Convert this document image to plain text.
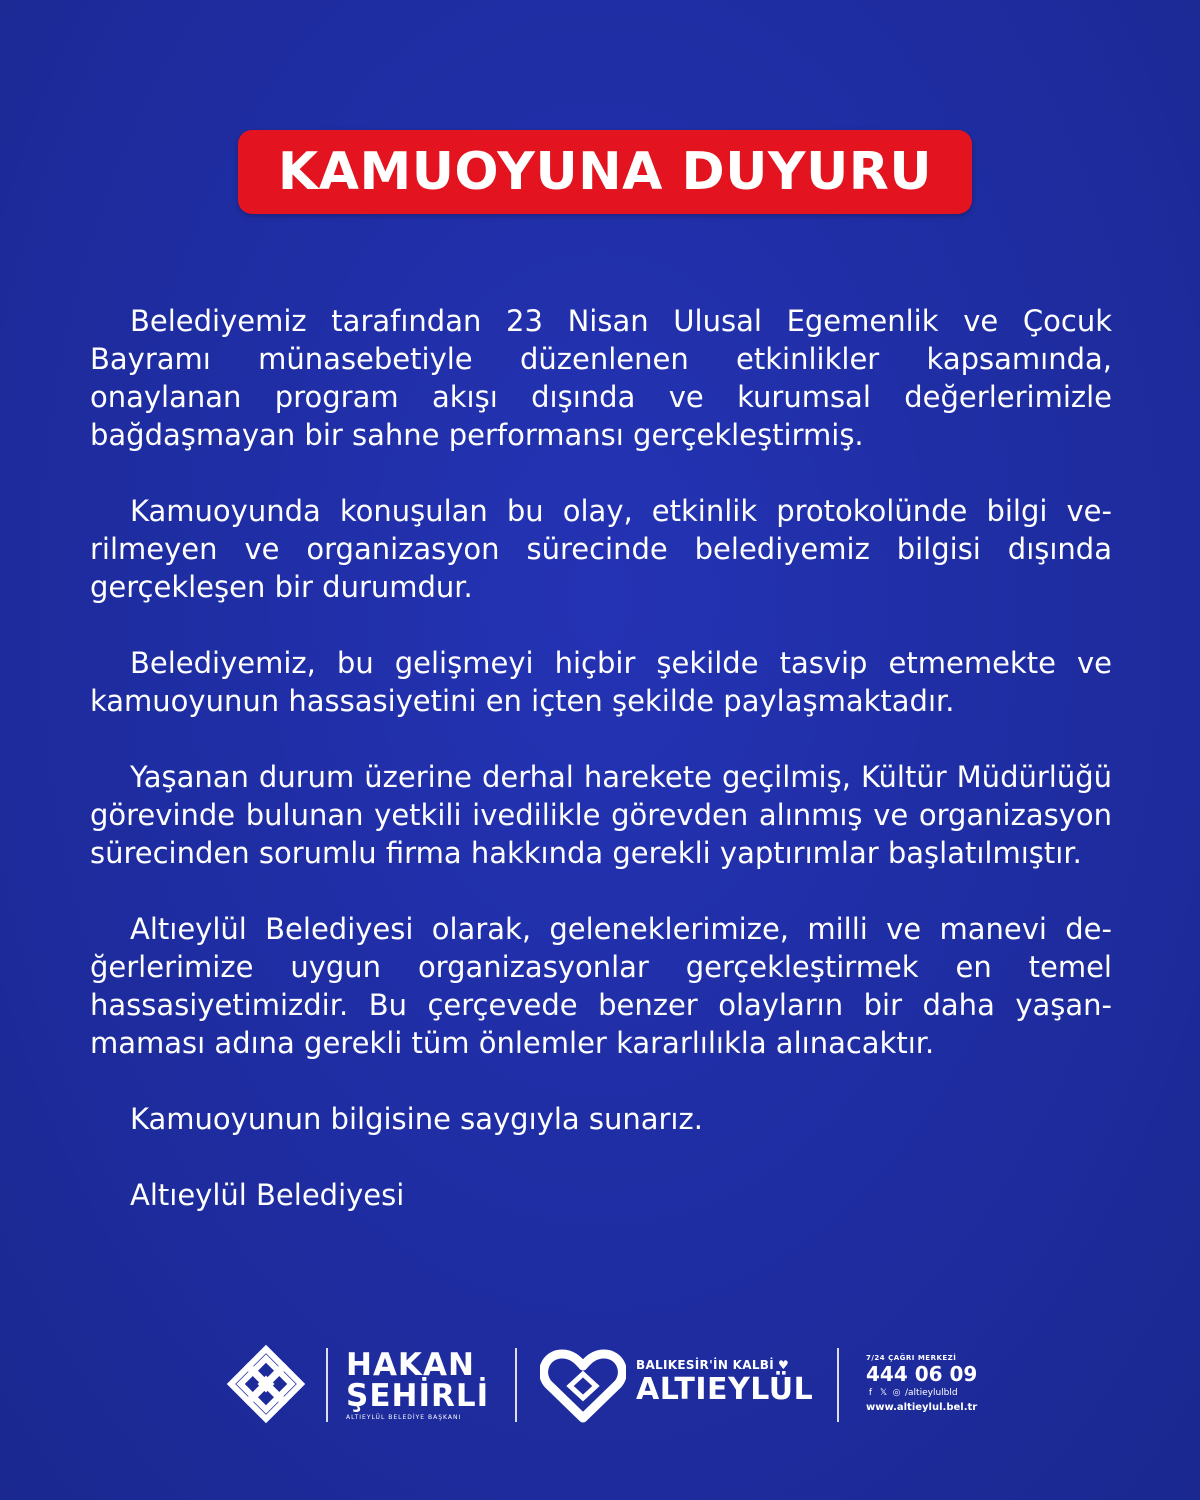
KAMUOYUNA DUYURU

Belediyemiz tarafından 23 Nisan Ulusal Egemenlik ve Çocuk Bayramı münasebetiyle düzenlenen etkinlikler kapsamında, onaylanan program akışı dışında ve kurumsal değerlerimizle bağdaşmayan bir sahne performansı gerçekleştirmiş.

Kamuoyunda konuşulan bu olay, etkinlik protokolünde bilgi verilmeyen ve organizasyon sürecinde belediyemiz bilgisi dışında gerçekleşen bir durumdur.

Belediyemiz, bu gelişmeyi hiçbir şekilde tasvip etmemekte ve kamuoyunun hassasiyetini en içten şekilde paylaşmaktadır.

Yaşanan durum üzerine derhal harekete geçilmiş, Kültür Müdürlüğü görevinde bulunan yetkili ivedilikle görevden alınmış ve organizasyon sürecinden sorumlu firma hakkında gerekli yaptırımlar başlatılmıştır.

Altıeylül Belediyesi olarak, geleneklerimize, milli ve manevi değerlerimize uygun organizasyonlar gerçekleştirmek en temel hassasiyetimizdir. Bu çerçevede benzer olayların bir daha yaşanmaması adına gerekli tüm önlemler kararlılıkla alınacaktır.

Kamuoyunun bilgisine saygıyla sunarız.

Altıeylül Belediyesi

HAKAN
ŞEHİRLİ
ALTIEYLÜL BELEDİYE BAŞKANI
BALIKESİR'İN KALBİ ♥
ALTIEYLÜL
7/24 ÇAĞRI MERKEZİ
444 06 09
f 𝕏 ◎ /altieylulbld
www.altieylul.bel.tr
